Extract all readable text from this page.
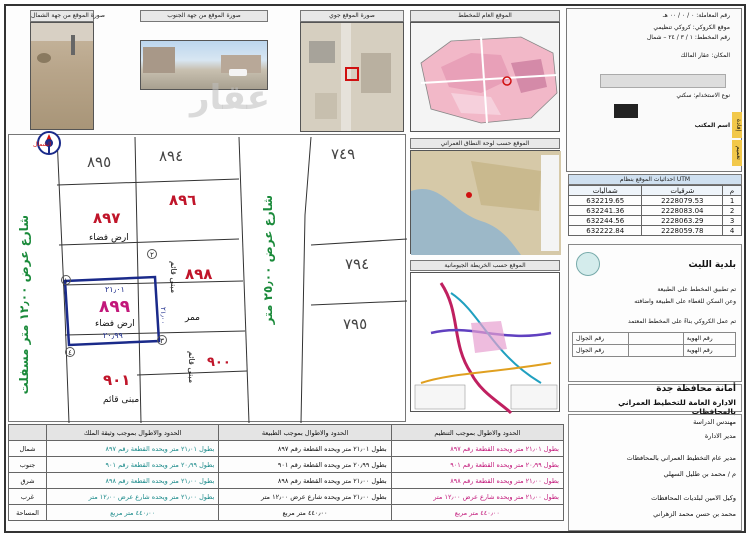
صورة الموقع من جهة الشمال	صورة الموقع من جهة الجنوب	صورة الموقع جوي
عقار
الموقع العام للمخطط	رقم المعاملة: ٠ / ٠ / ٠٠ هـ
موقع الكروكي: كروكي تنظيمي
رقم المخطط: ١ / ٣ / ٢٤ – شمال
المكان: عقار المالك
نوع الاستخدام: سكني
اسم المكتب إفادة
تعميم
احداثيات الموقع بنظام UTM
شماليات	شرقيات	م
632219.65	2228079.53	1
632241.36	2228083.04	2
632244.56	2228063.29	3
632222.84	2228059.78	4
بلدية الليث
تم تطبيق المخطط على الطبيعة
وعن السكن للغطاء على الطبيعة واضافته
تم عمل الكروكي بناءً على المخطط المعتمد
رقم الجوال		رقم الهوية
رقم الجوال		رقم الهوية
أمانة محافظة جدة
الادارة العامة للتخطيط العمراني بالمحافظات
مهندس الدراسة
مدير الادارة
مدير عام التخطيط العمراني بالمحافظات
م / محمد بن طليل السهلي
وكيل الامين لبلديات المحافظات
محمد بن حسن محمد الزهراني
الموقع حسب لوحة النطاق العمراني
الموقع حسب الخريطة الجيومانية
الشمال
٨٩٥	٨٩٤	٧٤٩
٧٩٤
٧٩٥
٨٩٧
ارض فضاء
٨٩٦
٨٩٨
مبنى قائم
ممر
٩٠٠
مبنى قائم
٩٠١
مبنى قائم
٢١٫٠١
٨٩٩
ارض فضاء
٢٠٫٩٩
٢١٫٠٠
١
٢
٣
٤
شارع عرض ٢٥٫٠٠ متر
شارع عرض ١٢٫٠٠ متر مسفلت
الحدود والاطوال بموجب التنظيم	الحدود والاطوال بموجب الطبيعة	الحدود والاطوال بموجب وثيقة الملك	
بطول ٢١٫٠١ متر ويحده القطعة رقم ٨٩٧	بطول ٢١٫٠١ متر ويحده القطعة رقم ٨٩٧	بطول ٢١٫٠١ متر ويحده القطعة رقم ٨٩٧	شمال
بطول ٢٠٫٩٩ متر ويحده القطعة رقم ٩٠١	بطول ٢٠٫٩٩ متر ويحده القطعة رقم ٩٠١	بطول ٢٠٫٩٩ متر ويحده القطعة رقم ٩٠١	جنوب
بطول ٢١٫٠٠ متر ويحده القطعة رقم ٨٩٨	بطول ٢١٫٠٠ متر ويحده القطعة رقم ٨٩٨	بطول ٢١٫٠٠ متر ويحده القطعة رقم ٨٩٨	شرق
بطول ٢١٫٠٠ متر ويحده شارع عرض ١٢٫٠٠ متر	بطول ٢١٫٠٠ متر ويحده شارع عرض ١٢٫٠٠ متر	بطول ٢١٫٠٠ متر ويحده شارع عرض ١٢٫٠٠ متر	غرب
٤٤٠٫٠٠ متر مربع	٤٤٠٫٠٠ متر مربع	٤٤٠٫٠٠ متر مربع	المساحة
